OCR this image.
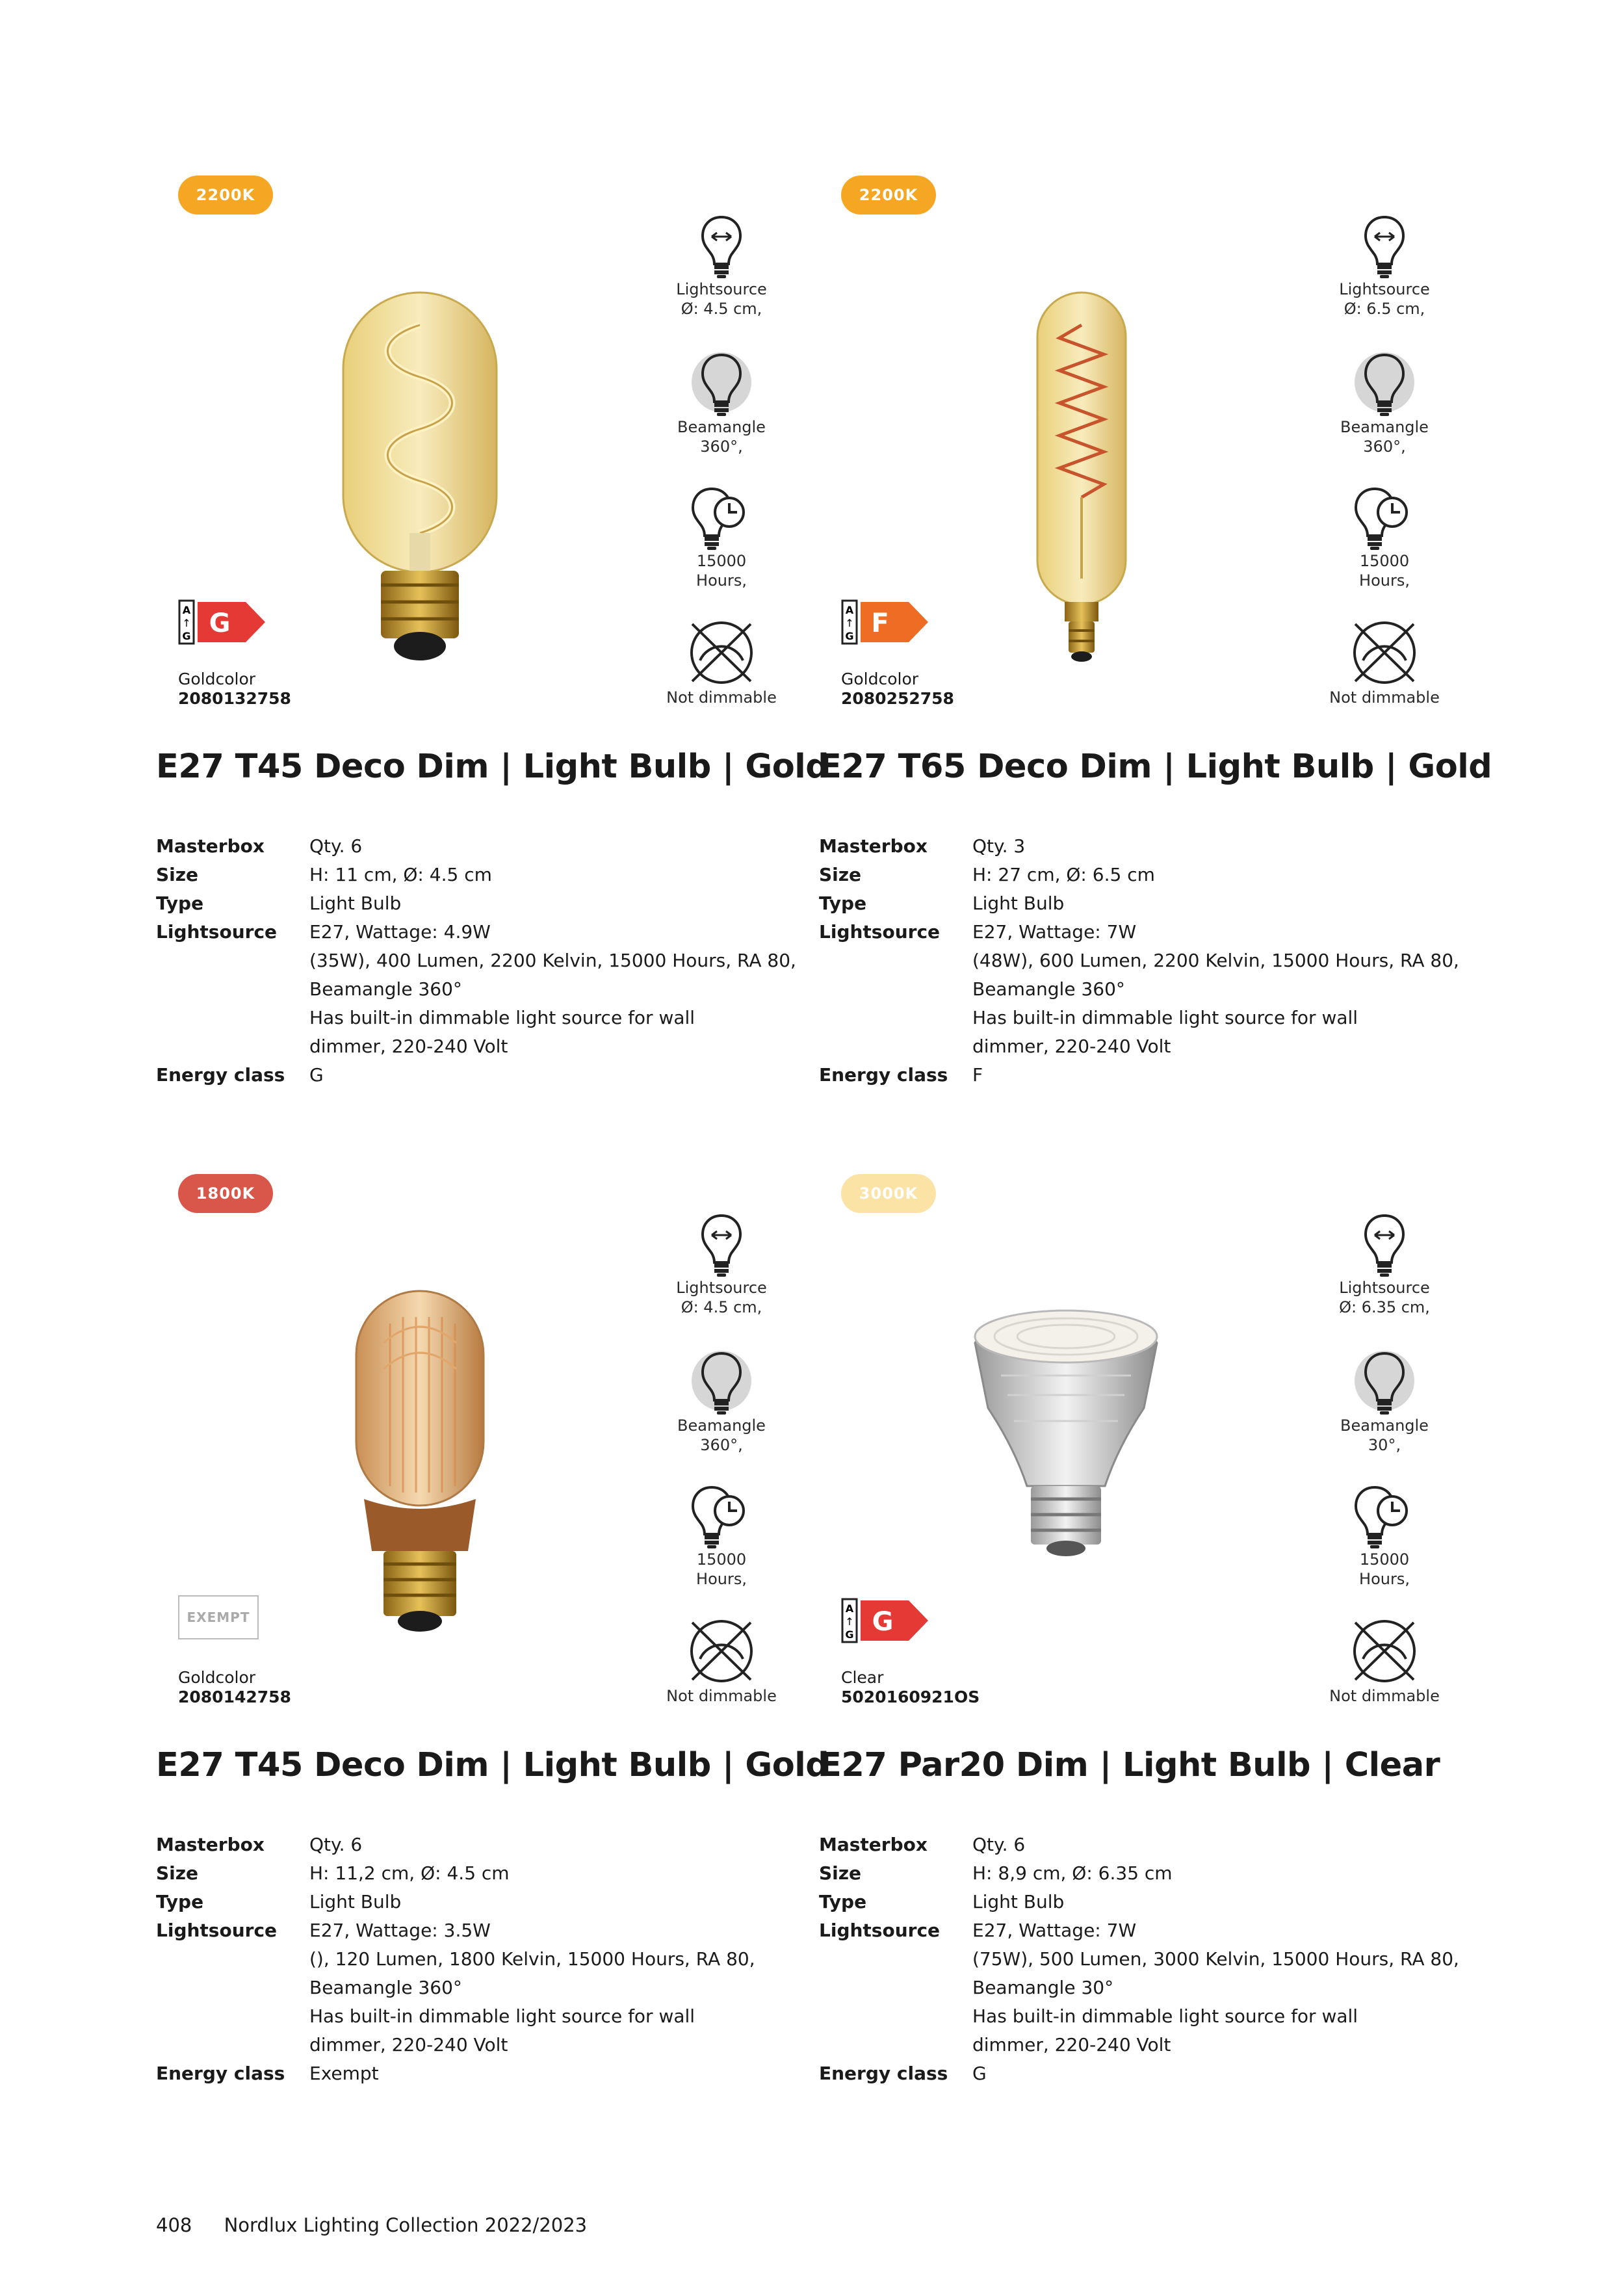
2200K
Lightsource
Ø: 4.5 cm,
Beamangle
360°,
15000
Hours,
Not dimmable
A
↑
G G
Goldcolor
2080132758
E27 T45 Deco Dim | Light Bulb | Gold
Masterbox	Qty. 6
Size	H: 11 cm, Ø: 4.5 cm
Type	Light Bulb
Lightsource	E27, Wattage: 4.9W
(35W), 400 Lumen, 2200 Kelvin, 15000 Hours, RA 80,
Beamangle 360°
Has built-in dimmable light source for wall
dimmer, 220-240 Volt
Energy class	G
2200K
Lightsource
Ø: 6.5 cm,
Beamangle
360°,
15000
Hours,
Not dimmable
A
↑
G F
Goldcolor
2080252758
E27 T65 Deco Dim | Light Bulb | Gold
Masterbox	Qty. 3
Size	H: 27 cm, Ø: 6.5 cm
Type	Light Bulb
Lightsource	E27, Wattage: 7W
(48W), 600 Lumen, 2200 Kelvin, 15000 Hours, RA 80,
Beamangle 360°
Has built-in dimmable light source for wall
dimmer, 220-240 Volt
Energy class	F
1800K
Lightsource
Ø: 4.5 cm,
Beamangle
360°,
15000
Hours,
Not dimmable
EXEMPT
Goldcolor
2080142758
E27 T45 Deco Dim | Light Bulb | Gold
Masterbox	Qty. 6
Size	H: 11,2 cm, Ø: 4.5 cm
Type	Light Bulb
Lightsource	E27, Wattage: 3.5W
(), 120 Lumen, 1800 Kelvin, 15000 Hours, RA 80,
Beamangle 360°
Has built-in dimmable light source for wall
dimmer, 220-240 Volt
Energy class	Exempt
3000K
Lightsource
Ø: 6.35 cm,
Beamangle
30°,
15000
Hours,
Not dimmable
A
↑
G G
Clear
5020160921OS
E27 Par20 Dim | Light Bulb | Clear
Masterbox	Qty. 6
Size	H: 8,9 cm, Ø: 6.35 cm
Type	Light Bulb
Lightsource	E27, Wattage: 7W
(75W), 500 Lumen, 3000 Kelvin, 15000 Hours, RA 80,
Beamangle 30°
Has built-in dimmable light source for wall
dimmer, 220-240 Volt
Energy class	G
408 Nordlux Lighting Collection 2022/2023
